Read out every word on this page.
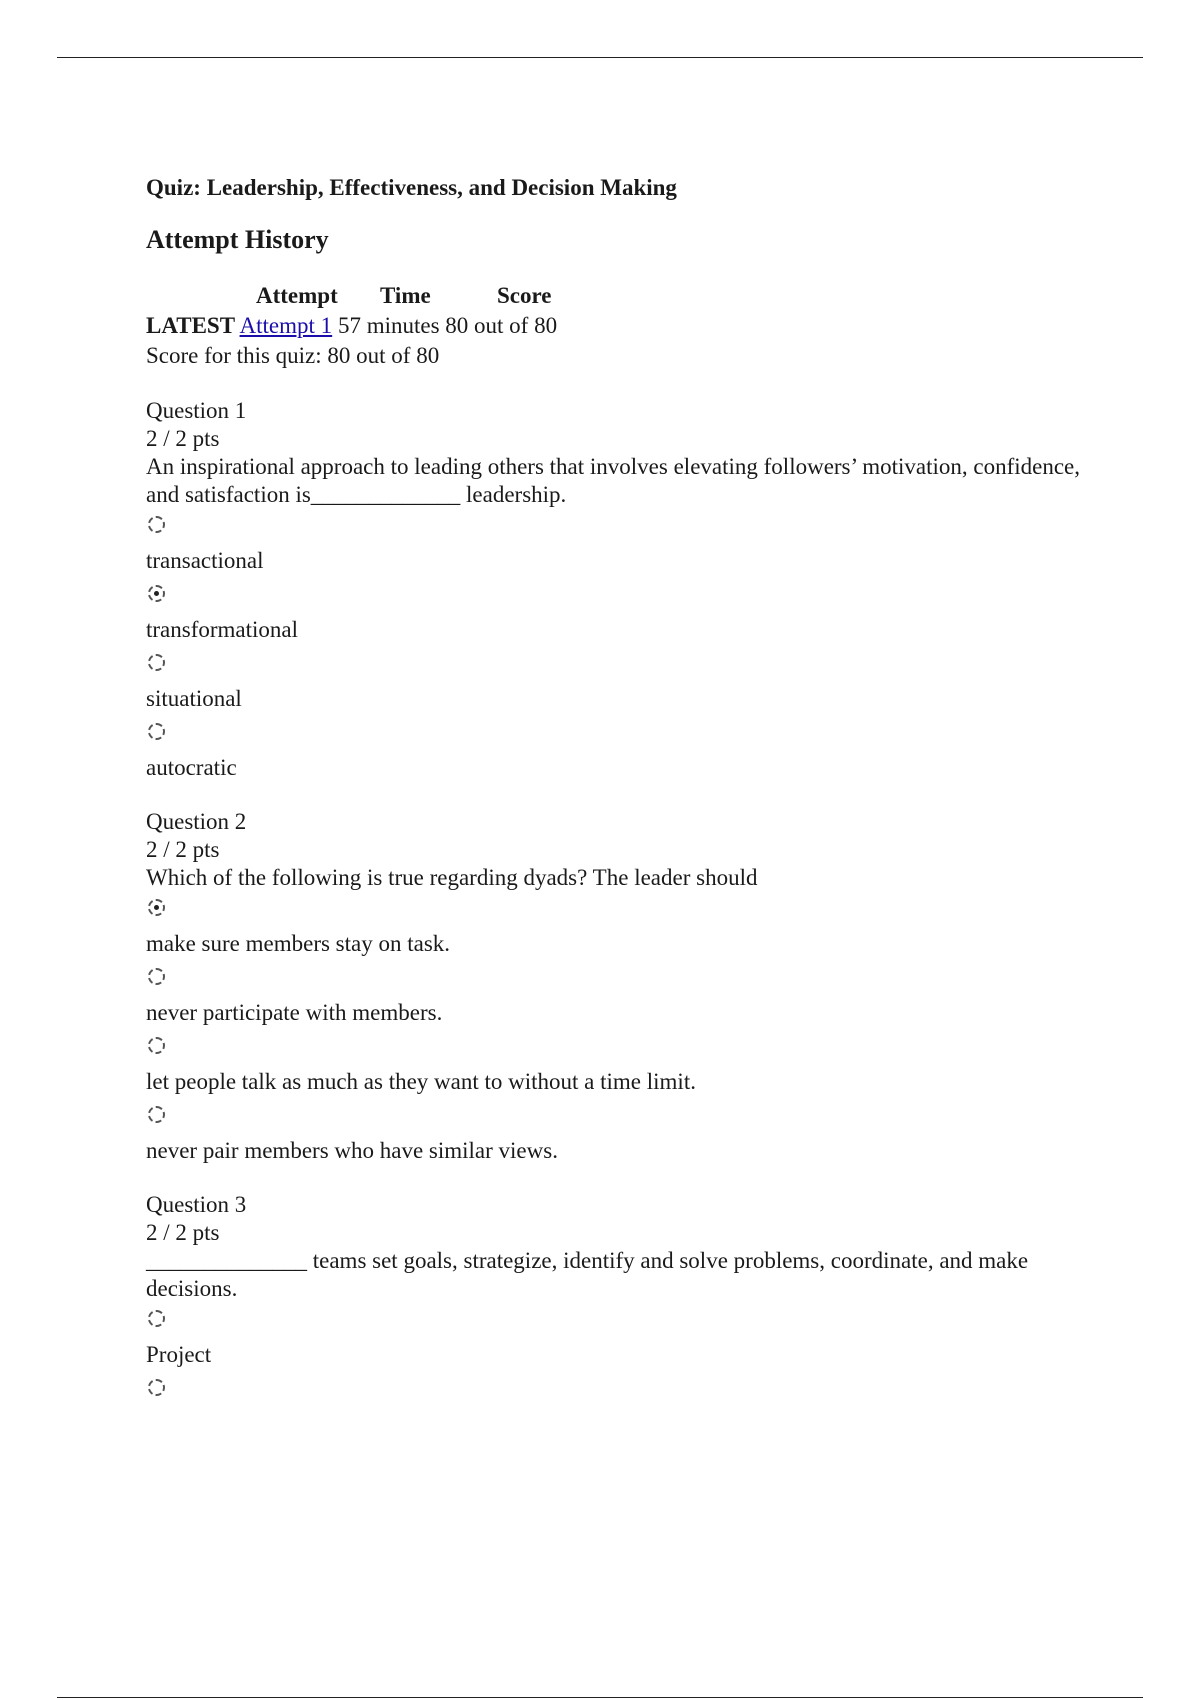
Quiz: Leadership, Effectiveness, and Decision Making
Attempt History
Attempt Time	Score
LATEST Attempt 1 57 minutes 80 out of 80
Score for this quiz: 80 out of 80
Question 1
2 / 2 pts
An inspirational approach to leading others that involves elevating followers’ motivation, confidence, and satisfaction is_____________ leadership.
transactional
transformational
situational
autocratic
Question 2
2 / 2 pts
Which of the following is true regarding dyads? The leader should
make sure members stay on task.
never participate with members.
let people talk as much as they want to without a time limit.
never pair members who have similar views.
Question 3
2 / 2 pts
______________ teams set goals, strategize, identify and solve problems, coordinate, and make decisions.
Project
